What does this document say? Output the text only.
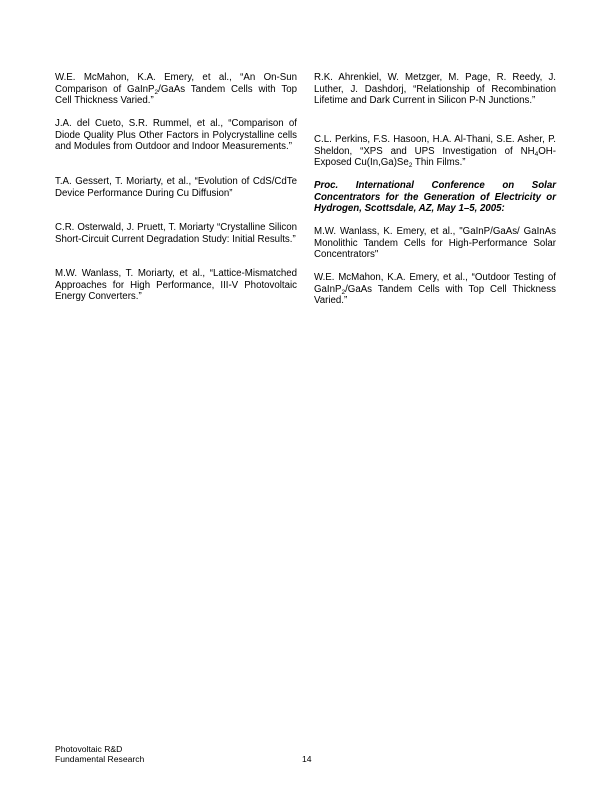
W.E. McMahon, K.A. Emery, et al., “An On-Sun Comparison of GaInP$_2$/GaAs Tandem Cells with Top Cell Thickness Varied.”

J.A. del Cueto, S.R. Rummel, et al., “Comparison of Diode Quality Plus Other Factors in Polycrystalline cells and Modules from Outdoor and Indoor Measurements.”

T.A. Gessert, T. Moriarty, et al., “Evolution of CdS/CdTe Device Performance During Cu Diffusion”

C.R. Osterwald, J. Pruett, T. Moriarty “Crystalline Silicon Short-Circuit Current Degradation Study: Initial Results.”

M.W. Wanlass, T. Moriarty, et al., “Lattice-Mismatched Approaches for High Performance, III-V Photovoltaic Energy Converters.”

R.K. Ahrenkiel, W. Metzger, M. Page, R. Reedy, J. Luther, J. Dashdorj, “Relationship of Recombination Lifetime and Dark Current in Silicon P-N Junctions.”

C.L. Perkins, F.S. Hasoon, H.A. Al-Thani, S.E. Asher, P. Sheldon, “XPS and UPS Investigation of $NH_4OH$-Exposed $Cu(In,Ga)Se_2$ Thin Films.”

Proc. International Conference on Solar Concentrators for the Generation of Electricity or Hydrogen, Scottsdale, AZ, May 1–5, 2005:

M.W. Wanlass, K. Emery, et al., "GaInP/GaAs/ GaInAs Monolithic Tandem Cells for High-Performance Solar Concentrators"

W.E. McMahon, K.A. Emery, et al., “Outdoor Testing of GaInP$_2$/GaAs Tandem Cells with Top Cell Thickness Varied.”

Photovoltaic R&D
Fundamental Research	14
